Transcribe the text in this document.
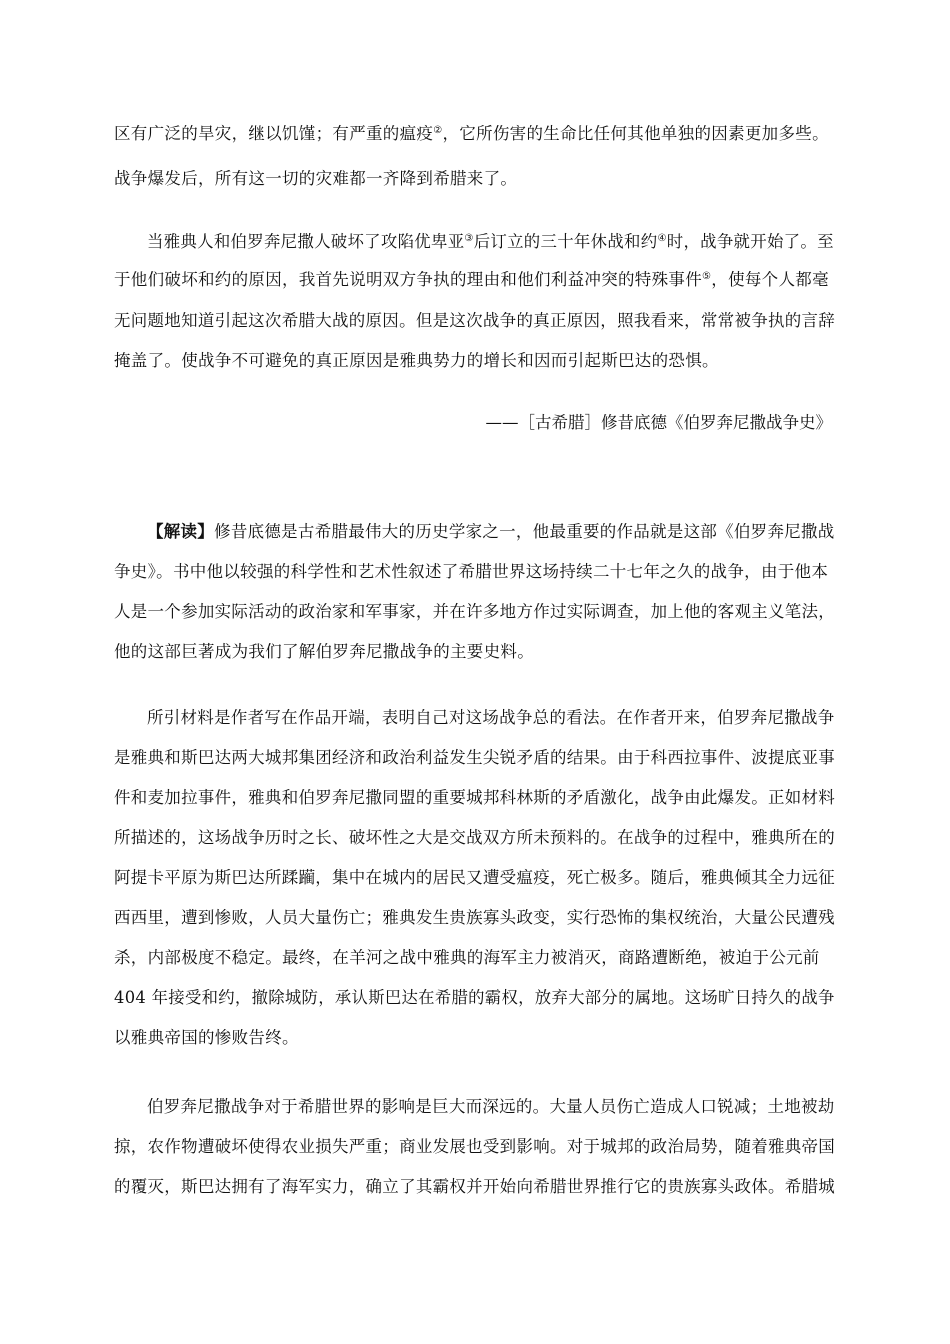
区有广泛的旱灾，继以饥馑；有严重的瘟疫②，它所伤害的生命比任何其他单独的因素更加多些。
战争爆发后，所有这一切的灾难都一齐降到希腊来了。
当雅典人和伯罗奔尼撒人破坏了攻陷优卑亚③后订立的三十年休战和约④时，战争就开始了。至
于他们破坏和约的原因，我首先说明双方争执的理由和他们利益冲突的特殊事件⑤，使每个人都毫
无问题地知道引起这次希腊大战的原因。但是这次战争的真正原因，照我看来，常常被争执的言辞
掩盖了。使战争不可避免的真正原因是雅典势力的增长和因而引起斯巴达的恐惧。
——［古希腊］修昔底德《伯罗奔尼撒战争史》
【解读】修昔底德是古希腊最伟大的历史学家之一，他最重要的作品就是这部《伯罗奔尼撒战
争史》。书中他以较强的科学性和艺术性叙述了希腊世界这场持续二十七年之久的战争，由于他本
人是一个参加实际活动的政治家和军事家，并在许多地方作过实际调查，加上他的客观主义笔法，
他的这部巨著成为我们了解伯罗奔尼撒战争的主要史料。
所引材料是作者写在作品开端，表明自己对这场战争总的看法。在作者开来，伯罗奔尼撒战争
是雅典和斯巴达两大城邦集团经济和政治利益发生尖锐矛盾的结果。由于科西拉事件、波提底亚事
件和麦加拉事件，雅典和伯罗奔尼撒同盟的重要城邦科林斯的矛盾激化，战争由此爆发。正如材料
所描述的，这场战争历时之长、破坏性之大是交战双方所未预料的。在战争的过程中，雅典所在的
阿提卡平原为斯巴达所蹂躏，集中在城内的居民又遭受瘟疫，死亡极多。随后，雅典倾其全力远征
西西里，遭到惨败，人员大量伤亡；雅典发生贵族寡头政变，实行恐怖的集权统治，大量公民遭残
杀，内部极度不稳定。最终，在羊河之战中雅典的海军主力被消灭，商路遭断绝，被迫于公元前
404 年接受和约，撤除城防，承认斯巴达在希腊的霸权，放弃大部分的属地。这场旷日持久的战争
以雅典帝国的惨败告终。
伯罗奔尼撒战争对于希腊世界的影响是巨大而深远的。大量人员伤亡造成人口锐减；土地被劫
掠，农作物遭破坏使得农业损失严重；商业发展也受到影响。对于城邦的政治局势，随着雅典帝国
的覆灭，斯巴达拥有了海军实力，确立了其霸权并开始向希腊世界推行它的贵族寡头政体。希腊城
